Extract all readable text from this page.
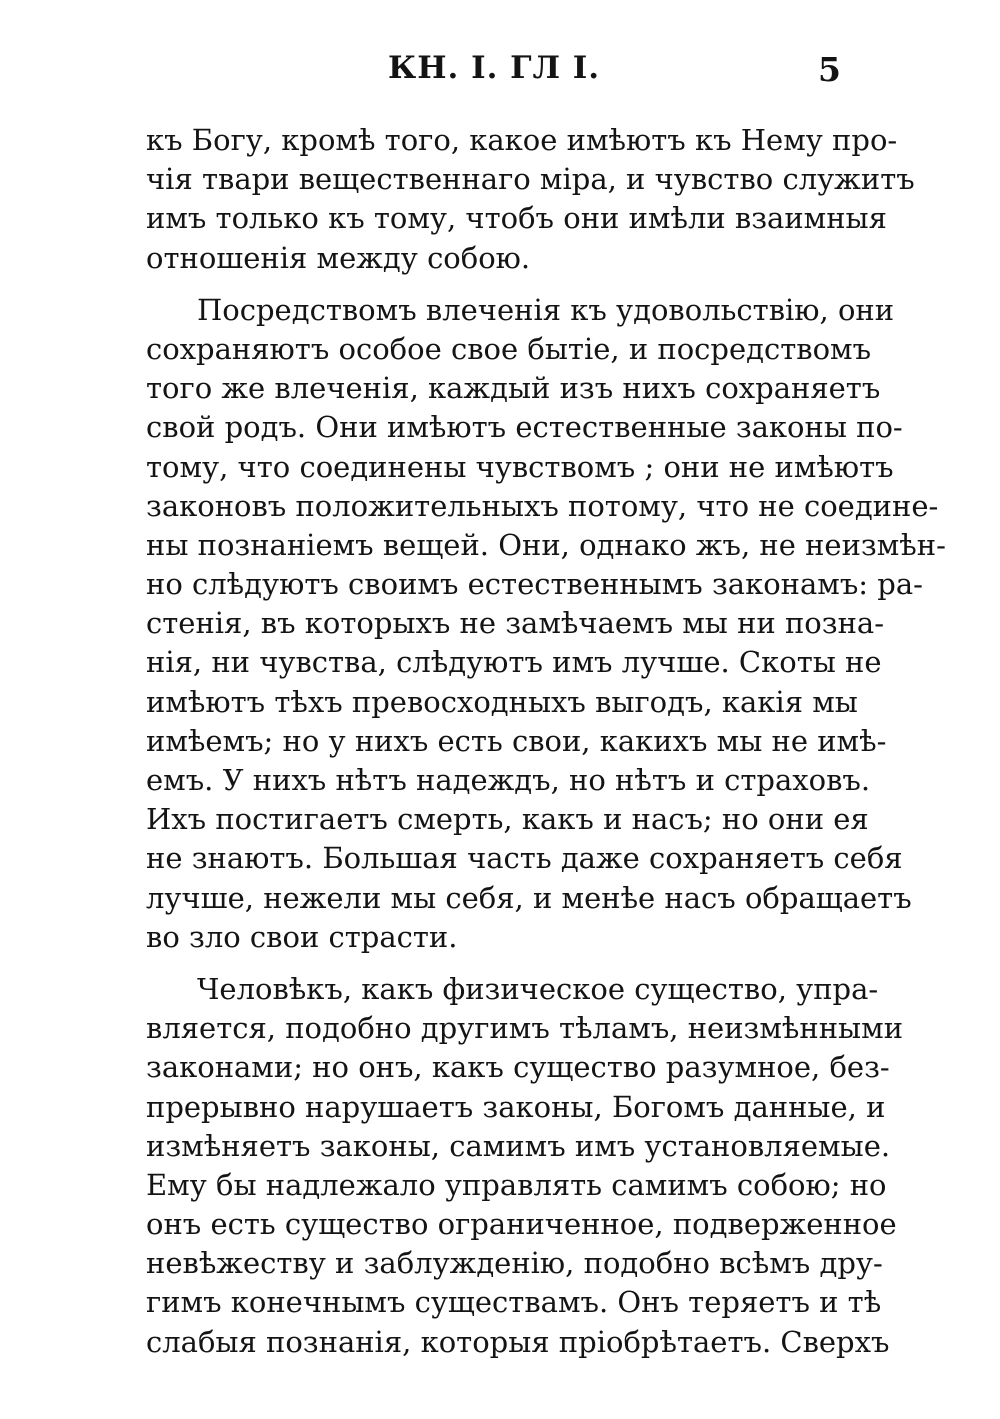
КН. I. ГЛ I.	5
къ Богу, кромѣ того, какое имѣютъ къ Нему про-
чія твари вещественнаго міра, и чувство служитъ
имъ только къ тому, чтобъ они имѣли взаимныя
отношенія между собою.
Посредствомъ влеченія къ удовольствію, они
сохраняютъ особое свое бытіе, и посредствомъ
того же влеченія, каждый изъ нихъ сохраняетъ
свой родъ. Они имѣютъ естественные законы по-
тому, что соединены чувствомъ ; они не имѣютъ
законовъ положительныхъ потому, что не соедине-
ны познаніемъ вещей. Они, однако жъ, не неизмѣн-
но слѣдуютъ своимъ естественнымъ законамъ: ра-
стенія, въ которыхъ не замѣчаемъ мы ни позна-
нія, ни чувства, слѣдуютъ имъ лучше. Скоты не
имѣютъ тѣхъ превосходныхъ выгодъ, какія мы
имѣемъ; но у нихъ есть свои, какихъ мы не имѣ-
емъ. У нихъ нѣтъ надеждъ, но нѣтъ и страховъ.
Ихъ постигаетъ смерть, какъ и насъ; но они ея
не знаютъ. Большая часть даже сохраняетъ себя
лучше, нежели мы себя, и менѣе насъ обращаетъ
во зло свои страсти.
Человѣкъ, какъ физическое существо, упра-
вляется, подобно другимъ тѣламъ, неизмѣнными
законами; но онъ, какъ существо разумное, без-
прерывно нарушаетъ законы, Богомъ данные, и
измѣняетъ законы, самимъ имъ установляемые.
Ему бы надлежало управлять самимъ собою; но
онъ есть существо ограниченное, подверженное
невѣжеству и заблужденію, подобно всѣмъ дру-
гимъ конечнымъ существамъ. Онъ теряетъ и тѣ
слабыя познанія, которыя пріобрѣтаетъ. Сверхъ
